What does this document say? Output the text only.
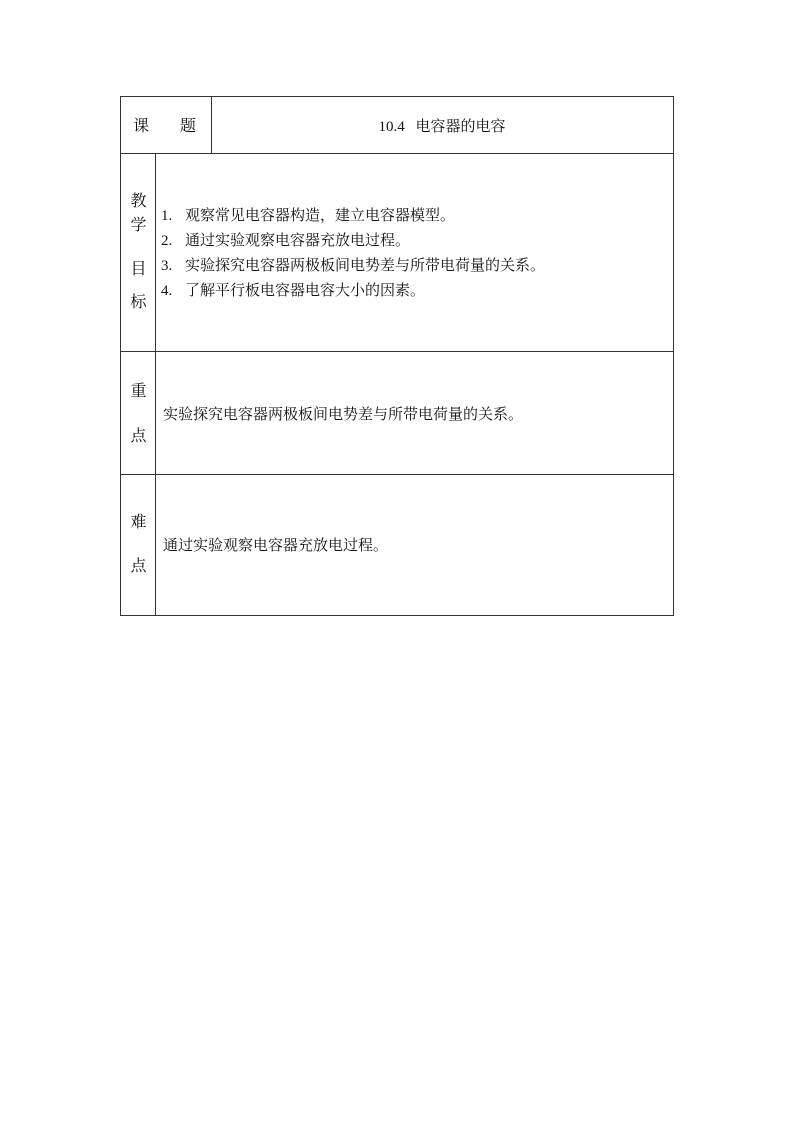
课 题	10.4 电容器的电容
教
学
目
标
1. 观察常见电容器构造，建立电容器模型。
2. 通过实验观察电容器充放电过程。
3. 实验探究电容器两极板间电势差与所带电荷量的关系。
4. 了解平行板电容器电容大小的因素。
重
点
实验探究电容器两极板间电势差与所带电荷量的关系。
难
点
通过实验观察电容器充放电过程。
